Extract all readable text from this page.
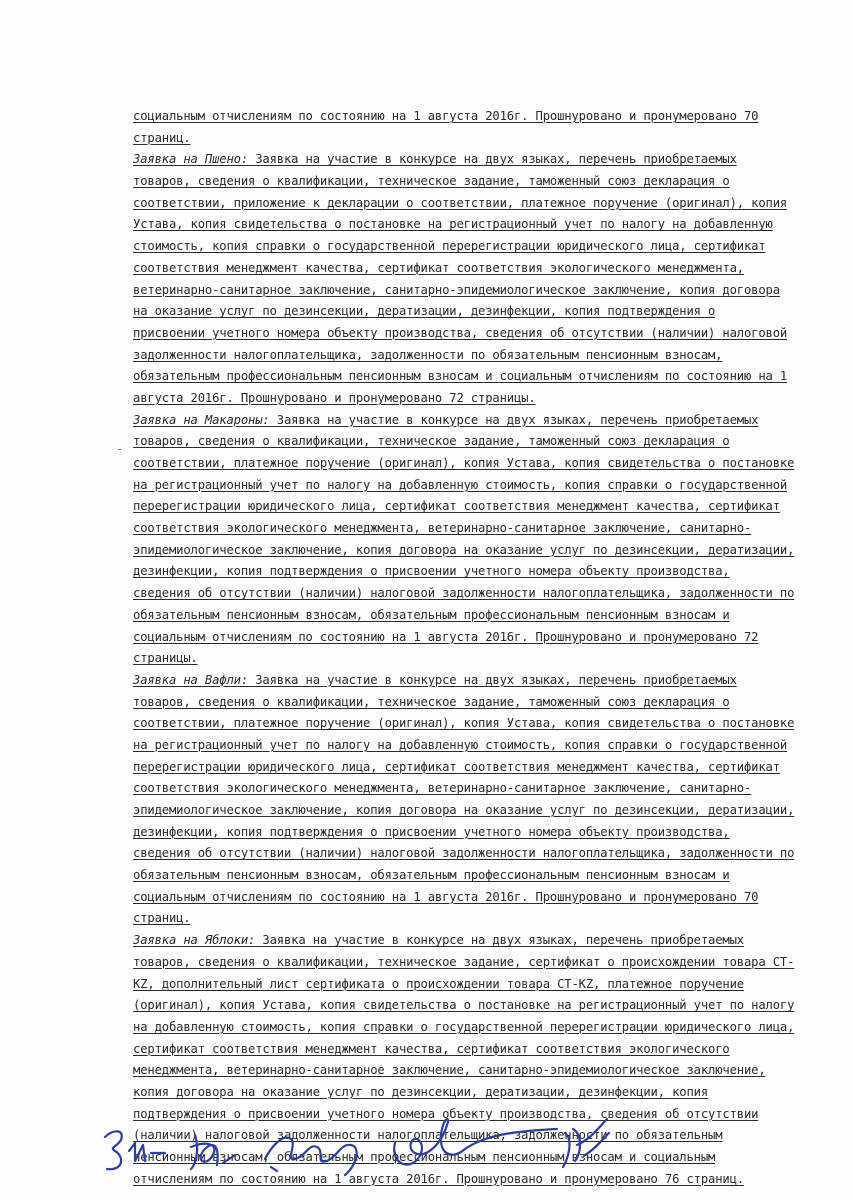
социальным отчислениям по состоянию на 1 августа 2016г. Прошнуровано и пронумеровано 70
страниц.
Заявка на Пшено: Заявка на участие в конкурсе на двух языках, перечень приобретаемых
товаров, сведения о квалификации, техническое задание, таможенный союз декларация о
соответствии, приложение к декларации о соответствии, платежное поручение (оригинал), копия
Устава, копия свидетельства о постановке на регистрационный учет по налогу на добавленную
стоимость, копия справки о государственной перерегистрации юридического лица, сертификат
соответствия менеджмент качества, сертификат соответствия экологического менеджмента,
ветеринарно-санитарное заключение, санитарно-эпидемиологическое заключение, копия договора
на оказание услуг по дезинсекции, дератизации, дезинфекции, копия подтверждения о
присвоении учетного номера объекту производства, сведения об отсутствии (наличии) налоговой
задолженности налогоплательщика, задолженности по обязательным пенсионным взносам,
обязательным профессиональным пенсионным взносам и социальным отчислениям по состоянию на 1
августа 2016г. Прошнуровано и пронумеровано 72 страницы.
Заявка на Макароны: Заявка на участие в конкурсе на двух языках, перечень приобретаемых
товаров, сведения о квалификации, техническое задание, таможенный союз декларация о
соответствии, платежное поручение (оригинал), копия Устава, копия свидетельства о постановке
на регистрационный учет по налогу на добавленную стоимость, копия справки о государственной
перерегистрации юридического лица, сертификат соответствия менеджмент качества, сертификат
соответствия экологического менеджмента, ветеринарно-санитарное заключение, санитарно-
эпидемиологическое заключение, копия договора на оказание услуг по дезинсекции, дератизации,
дезинфекции, копия подтверждения о присвоении учетного номера объекту производства,
сведения об отсутствии (наличии) налоговой задолженности налогоплательщика, задолженности по
обязательным пенсионным взносам, обязательным профессиональным пенсионным взносам и
социальным отчислениям по состоянию на 1 августа 2016г. Прошнуровано и пронумеровано 72
страницы.
Заявка на Вафли: Заявка на участие в конкурсе на двух языках, перечень приобретаемых
товаров, сведения о квалификации, техническое задание, таможенный союз декларация о
соответствии, платежное поручение (оригинал), копия Устава, копия свидетельства о постановке
на регистрационный учет по налогу на добавленную стоимость, копия справки о государственной
перерегистрации юридического лица, сертификат соответствия менеджмент качества, сертификат
соответствия экологического менеджмента, ветеринарно-санитарное заключение, санитарно-
эпидемиологическое заключение, копия договора на оказание услуг по дезинсекции, дератизации,
дезинфекции, копия подтверждения о присвоении учетного номера объекту производства,
сведения об отсутствии (наличии) налоговой задолженности налогоплательщика, задолженности по
обязательным пенсионным взносам, обязательным профессиональным пенсионным взносам и
социальным отчислениям по состоянию на 1 августа 2016г. Прошнуровано и пронумеровано 70
страниц.
Заявка на Яблоки: Заявка на участие в конкурсе на двух языках, перечень приобретаемых
товаров, сведения о квалификации, техническое задание, сертификат о происхождении товара СТ-
KZ, дополнительный лист сертификата о происхождении товара СТ-KZ, платежное поручение
(оригинал), копия Устава, копия свидетельства о постановке на регистрационный учет по налогу
на добавленную стоимость, копия справки о государственной перерегистрации юридического лица,
сертификат соответствия менеджмент качества, сертификат соответствия экологического
менеджмента, ветеринарно-санитарное заключение, санитарно-эпидемиологическое заключение,
копия договора на оказание услуг по дезинсекции, дератизации, дезинфекции, копия
подтверждения о присвоении учетного номера объекту производства, сведения об отсутствии
(наличии) налоговой задолженности налогоплательщика, задолженности по обязательным
пенсионным взносам, обязательным профессиональным пенсионным взносам и социальным
отчислениям по состоянию на 1 августа 2016г. Прошнуровано и пронумеровано 76 страниц.
-
